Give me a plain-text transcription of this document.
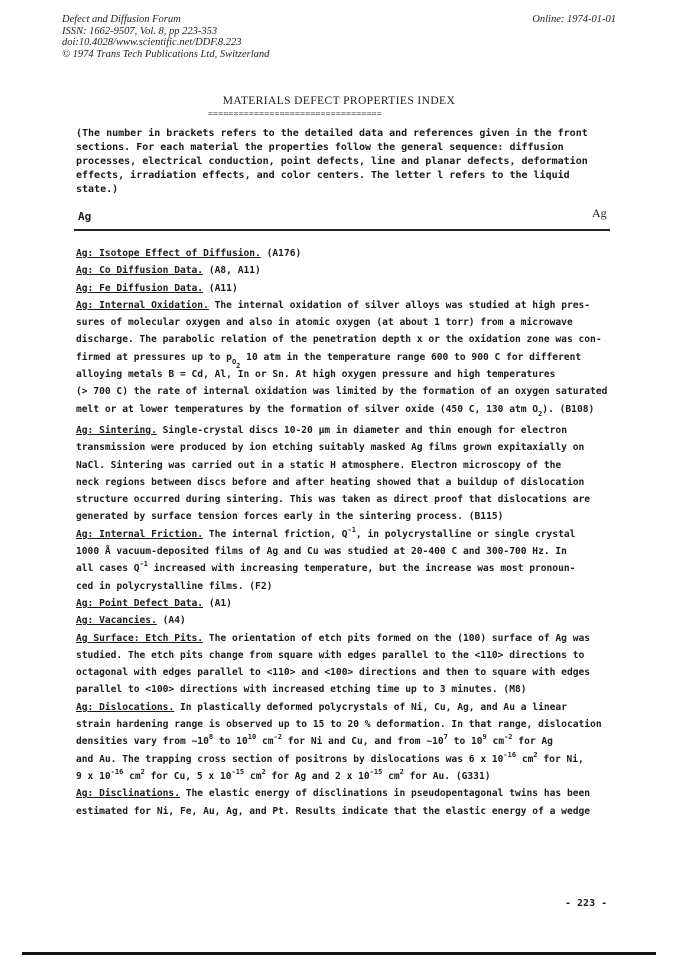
Defect and Diffusion Forum
ISSN: 1662-9507, Vol. 8, pp 223-353
doi:10.4028/www.scientific.net/DDF.8.223
© 1974 Trans Tech Publications Ltd, Switzerland
Online: 1974-01-01
MATERIALS DEFECT PROPERTIES INDEX
==================================
(The number in brackets refers to the detailed data and references given in the front sections. For each material the properties follow the general sequence: diffusion processes, electrical conduction, point defects, line and planar defects, deformation effects, irradiation effects, and color centers. The letter l refers to the liquid state.)
Ag	Ag
Ag: Isotope Effect of Diffusion. (A176)
Ag: Co Diffusion Data. (A8, A11)
Ag: Fe Diffusion Data. (A11)
Ag: Internal Oxidation. The internal oxidation of silver alloys was studied at high pres-
sures of molecular oxygen and also in atomic oxygen (at about 1 torr) from a microwave
discharge. The parabolic relation of the penetration depth x or the oxidation zone was con-
firmed at pressures up to $p_{O_2}$ 10 atm in the temperature range 600 to 900 C for different
alloying metals B = Cd, Al, In or Sn. At high oxygen pressure and high temperatures
(> 700 C) the rate of internal oxidation was limited by the formation of an oxygen saturated
melt or at lower temperatures by the formation of silver oxide (450 C, 130 atm $O_2$). (B108)
Ag: Sintering. Single-crystal discs 10-20 μm in diameter and thin enough for electron
transmission were produced by ion etching suitably masked Ag films grown expitaxially on
NaCl. Sintering was carried out in a static H atmosphere. Electron microscopy of the
neck regions between discs before and after heating showed that a buildup of dislocation
structure occurred during sintering. This was taken as direct proof that dislocations are
generated by surface tension forces early in the sintering process. (B115)
Ag: Internal Friction. The internal friction, $Q^{-1}$, in polycrystalline or single crystal
1000 Å vacuum-deposited films of Ag and Cu was studied at 20-400 C and 300-700 Hz. In
all cases $Q^{-1}$ increased with increasing temperature, but the increase was most pronoun-
ced in polycrystalline films. (F2)
Ag: Point Defect Data. (A1)
Ag: Vacancies. (A4)
Ag Surface: Etch Pits. The orientation of etch pits formed on the (100) surface of Ag was
studied. The etch pits change from square with edges parallel to the <110> directions to
octagonal with edges parallel to <110> and <100> directions and then to square with edges
parallel to <100> directions with increased etching time up to 3 minutes. (M8)
Ag: Dislocations. In plastically deformed polycrystals of Ni, Cu, Ag, and Au a linear
strain hardening range is observed up to 15 to 20 % deformation. In that range, dislocation
densities vary from $\sim 10^8$ to $10^{10}$ $cm^{-2}$ for Ni and Cu, and from $\sim 10^7$ to $10^9$ $cm^{-2}$ for Ag
and Au. The trapping cross section of positrons by dislocations was 6 x $10^{-16}$ $cm^2$ for Ni,
9 x $10^{-16}$ $cm^2$ for Cu, 5 x $10^{-15}$ $cm^2$ for Ag and 2 x $10^{-15}$ $cm^2$ for Au. (G331)
Ag: Disclinations. The elastic energy of disclinations in pseudopentagonal twins has been
estimated for Ni, Fe, Au, Ag, and Pt. Results indicate that the elastic energy of a wedge
- 223 -
